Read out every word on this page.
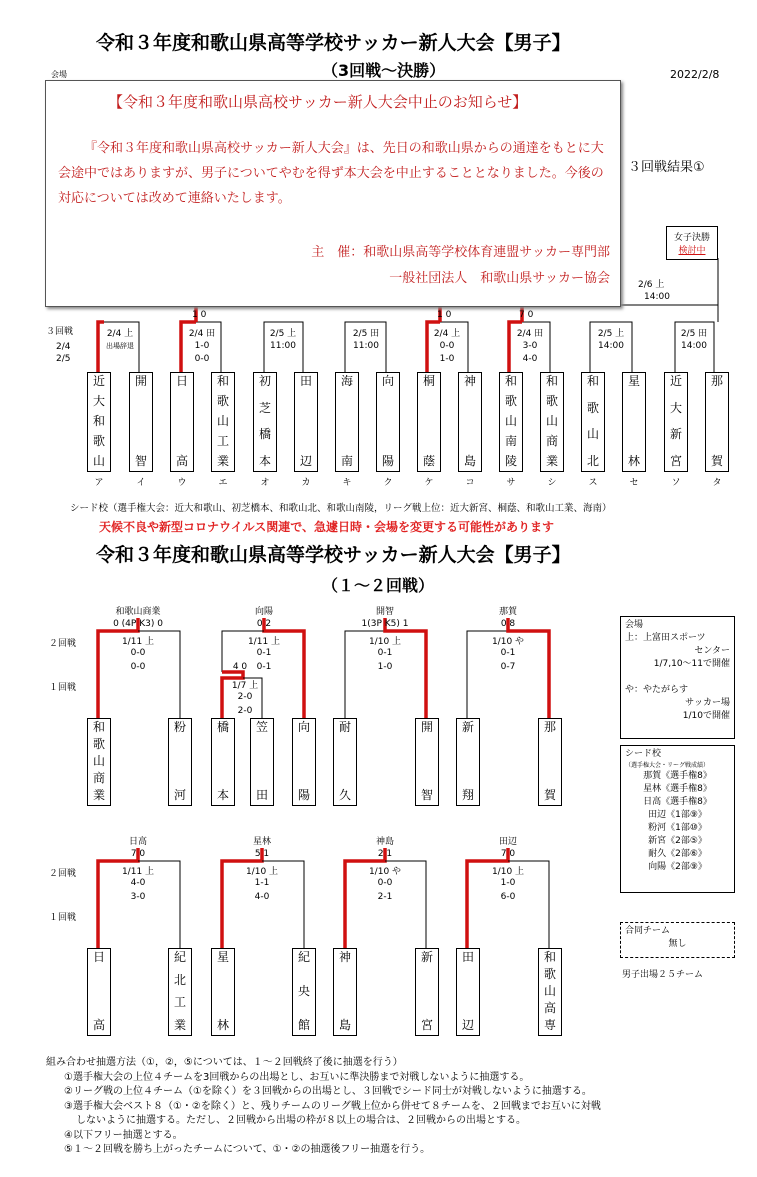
令和３年度和歌山県高等学校サッカー新人大会【男子】
（3回戦～決勝）	2022/2/8
会場
３回戦結果①
女子決勝
検討中
2/6 上
14:00
1 0	1 0	7 0
３回戦
2/4
2/5
2/4 上
出場辞退
2/4 田
1-0
0-0
2/5 上
11:00
2/5 田
11:00
2/4 上
0-0
1-0
2/4 田
3-0
4-0
2/5 上
14:00
2/5 田
14:00
近
大
和
歌
山
ア
開
智
イ
日
高
ウ
和
歌
山
工
業
エ
初
芝
橋
本
オ
田
辺
カ
海
南
キ
向
陽
ク
桐
蔭
ケ
神
島
コ
和
歌
山
南
陵
サ
和
歌
山
商
業
シ
和
歌
山
北
ス
星
林
セ
近
大
新
宮
ソ
那
賀
タ
シード校（選手権大会：近大和歌山、初芝橋本、和歌山北、和歌山南陵，リーグ戦上位：近大新宮、桐蔭、和歌山工業、海南）
天候不良や新型コロナウイルス関連で、急遽日時・会場を変更する可能性があります
【令和３年度和歌山県高校サッカー新人大会中止のお知らせ】
『令和３年度和歌山県高校サッカー新人大会』は、先日の和歌山県からの通達をもとに大会途中ではありますが、男子についてやむを得ず本大会を中止することとなりました。今後の対応については改めて連絡いたします。
主　催：和歌山県高等学校体育連盟サッカー専門部
一般社団法人　和歌山県サッカー協会
令和３年度和歌山県高等学校サッカー新人大会【男子】
（１～２回戦）
２回戦
１回戦
２回戦
１回戦
和歌山商業
0 (4P K3) 0
1/11 上
0-0
0-0
向陽
0 2
1/11 上
0-1
0-1
開智
1(3P K5) 1
1/10 上
0-1
1-0
那賀
0 8
1/10 や
0-1
0-7
4 0
1/7 上
2-0
2-0
和
歌
山
商
業
粉
河
橋
本
笠
田
向
陽
耐
久
開
智
新
翔
那
賀
日高
7 0
1/11 上
4-0
3-0
星林
5 1
1/10 上
1-1
4-0
神島
2 1
1/10 や
0-0
2-1
田辺
7 0
1/10 上
1-0
6-0
日
高
紀
北
工
業
星
林
紀
央
館
神
島
新
宮
田
辺
和
歌
山
高
専
会場
上：上富田スポーツ
センター
1/7,10～11で開催
や：やたがらす
サッカー場
1/10で開催
シード校
（選手権大会・リーグ戦成績）
那賀《選手権8》
星林《選手権8》
日高《選手権8》
田辺《1部⑨》
粉河《1部⑩》
新宮《2部⑤》
耐久《2部⑥》
向陽《2部⑨》
合同チーム
無し
男子出場２５チーム
組み合わせ抽選方法（①，②，⑤については、１～２回戦終了後に抽選を行う）
①選手権大会の上位４チームを3回戦からの出場とし、お互いに準決勝まで対戦しないように抽選する。
②リーグ戦の上位４チーム（①を除く）を３回戦からの出場とし、３回戦でシード同士が対戦しないように抽選する。
③選手権大会ベスト８（①・②を除く）と、残りチームのリーグ戦上位から併せて８チームを、２回戦までお互いに対戦
しないように抽選する。ただし、２回戦から出場の枠が８以上の場合は、２回戦からの出場とする。
④以下フリー抽選とする。
⑤１～２回戦を勝ち上がったチームについて、①・②の抽選後フリー抽選を行う。
